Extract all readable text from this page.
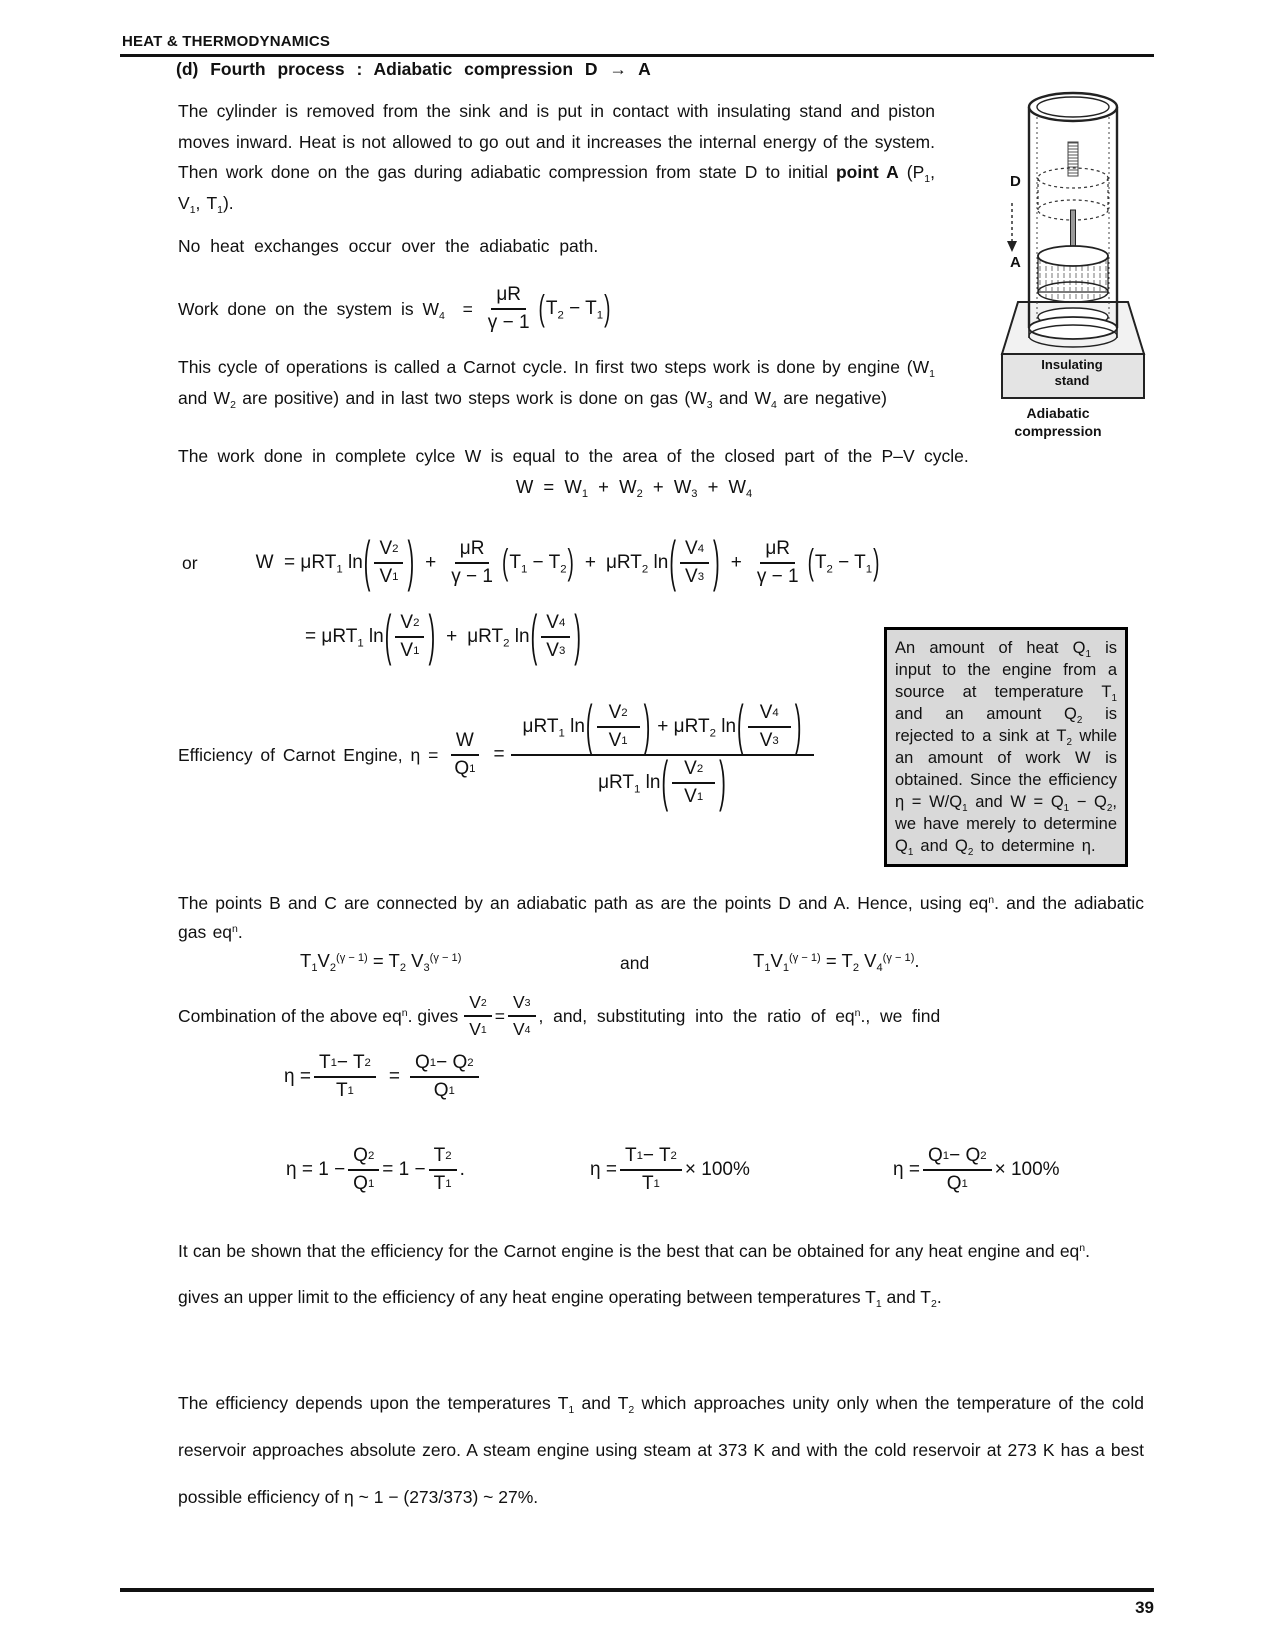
HEAT & THERMODYNAMICS
(d) Fourth process : Adiabatic compression D → A
D
A
Insulating
stand
Adiabatic
compression
The cylinder is removed from the sink and is put in contact with insulating stand and piston moves inward. Heat is not allowed to go out and it increases the internal energy of the system. Then work done on the gas during adiabatic compression from state D to initial point A ($P_1$, $V_1$, $T_1$).
No heat exchanges occur over the adiabatic path.
Work done on the system is $W_4 = \frac{\mu R}{\gamma - 1}$ ( $T_2 - T_1$ )
This cycle of operations is called a Carnot cycle. In first two steps work is done by engine ($W_1$ and $W_2$ are positive) and in last two steps work is done on gas ($W_3$ and $W_4$ are negative)
The work done in complete cylce W is equal to the area of the closed part of the P–V cycle.
$W = W_1 + W_2 + W_3 + W_4$
or	W  = μRT$_1$ ln ( $\frac{V 2}{V 1}$ ) + $\frac{\mu R}{\gamma - 1}$ ( $T_1 - T_2$ ) + μRT$_2$ ln ( $\frac{V 4}{V 3}$ ) + $\frac{\mu R}{\gamma - 1}$ ( $T_2 - T_1$ )
= μRT$_1$ ln ( $\frac{V 2}{V 1}$ ) + μRT$_2$ ln ( $\frac{V 4}{V 3}$ )
Efficiency of Carnot Engine, $\eta = \frac{W}{Q 1}$ =
μRT$_1$ ln ( $\frac{V 2}{V 1}$ ) + μRT$_2$ ln ( $\frac{V 4}{V 3}$ )
μRT$_1$ ln ( $\frac{V 2}{V 1}$ )
An amount of heat $Q_1$ is input to the engine from a source at temperature $T_1$ and an amount $Q_2$ is rejected to a sink at $T_2$ while an amount of work W is obtained. Since the efficiency $\eta = W/Q_1$ and $W = Q_1 - Q_2$, we have merely to determine $Q_1$ and $Q_2$ to determine η.
The points B and C are connected by an adiabatic path as are the points D and A. Hence, using $eq^n$. and the adiabatic gas $eq^n$.
$T_1V_2^{(\gamma - 1)} = T_2$ $V_3^{(\gamma - 1)}$	and	$T_1V_1^{(\gamma - 1)} = T_2$ $V_4^{(\gamma - 1)}$.
Combination of the above $eq^n$. gives $\frac{V 2}{V 1} = \frac{V 3}{V 4}$ ,  and,  substituting  into  the  ratio  of  $eq^n$.,  we  find
$\eta = \frac{T 1 - T 2}{T 1} = \frac{Q 1 - Q 2}{Q 1}$
$\eta = 1 - \frac{Q 2}{Q 1} = 1 - \frac{T 2}{T 1}$ .	$\eta = \frac{T 1 - T 2}{T 1} \times 100\%$	$\eta = \frac{Q 1 - Q 2}{Q 1} \times 100\%$
It can be shown that the efficiency for the Carnot engine is the best that can be obtained for any heat engine and $eq^n$. gives an upper limit to the efficiency of any heat engine operating between temperatures $T_1$ and $T_2$.
The efficiency depends upon the temperatures $T_1$ and $T_2$ which approaches unity only when the temperature of the cold reservoir approaches absolute zero. A steam engine using steam at 373 K and with the cold reservoir at 273 K has a best possible efficiency of η ~ 1 − (273/373) ~ 27%.
39
